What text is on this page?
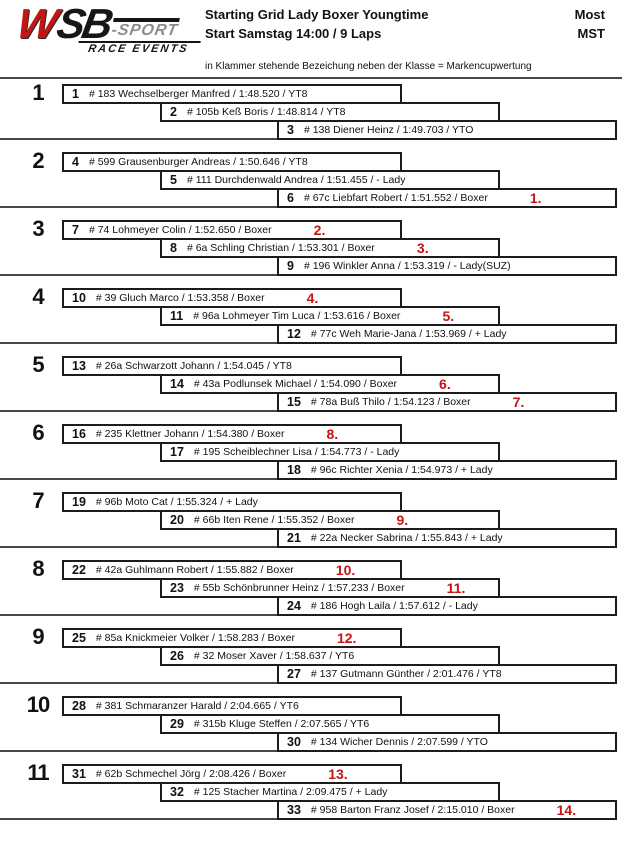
W
SB
-SPORT
RACE EVENTS
Starting Grid Lady Boxer Youngtime
Start Samstag 14:00 / 9 Laps
Most
MST
in Klammer stehende Bezeichung neben der Klasse = Markencupwertung
1	1 # 183 Wechselberger Manfred / 1:48.520 / YT8
2 # 105b Keß Boris / 1:48.814 / YT8
3 # 138 Diener Heinz / 1:49.703 / YTO
2	4 # 599 Grausenburger Andreas / 1:50.646 / YT8
5 # 111 Durchdenwald Andrea / 1:51.455 / - Lady
6 # 67c Liebfart Robert / 1:51.552 / Boxer	1.
3	7 # 74 Lohmeyer Colin / 1:52.650 / Boxer	2.
8 # 6a Schling Christian / 1:53.301 / Boxer	3.
9 # 196 Winkler Anna / 1:53.319 / - Lady(SUZ)
4	10 # 39 Gluch Marco / 1:53.358 / Boxer	4.
11 # 96a Lohmeyer Tim Luca / 1:53.616 / Boxer	5.
12 # 77c Weh Marie-Jana / 1:53.969 / + Lady
5	13 # 26a Schwarzott Johann / 1:54.045 / YT8
14 # 43a Podlunsek Michael / 1:54.090 / Boxer	6.
15 # 78a Buß Thilo / 1:54.123 / Boxer	7.
6	16 # 235 Klettner Johann / 1:54.380 / Boxer	8.
17 # 195 Scheiblechner Lisa / 1:54.773 / - Lady
18 # 96c Richter Xenia / 1:54.973 / + Lady
7	19 # 96b Moto Cat / 1:55.324 / + Lady
20 # 66b Iten Rene / 1:55.352 / Boxer	9.
21 # 22a Necker Sabrina / 1:55.843 / + Lady
8	22 # 42a Guhlmann Robert / 1:55.882 / Boxer	10.
23 # 55b Schönbrunner Heinz / 1:57.233 / Boxer	11.
24 # 186 Hogh Laila / 1:57.612 / - Lady
9	25 # 85a Knickmeier Volker / 1:58.283 / Boxer	12.
26 # 32 Moser Xaver / 1:58.637 / YT6
27 # 137 Gutmann Günther / 2:01.476 / YT8
10	28 # 381 Schmaranzer Harald / 2:04.665 / YT6
29 # 315b Kluge Steffen / 2:07.565 / YT6
30 # 134 Wicher Dennis / 2:07.599 / YTO
11	31 # 62b Schmechel Jörg / 2:08.426 / Boxer	13.
32 # 125 Stacher Martina / 2:09.475 / + Lady
33 # 958 Barton Franz Josef / 2:15.010 / Boxer	14.
